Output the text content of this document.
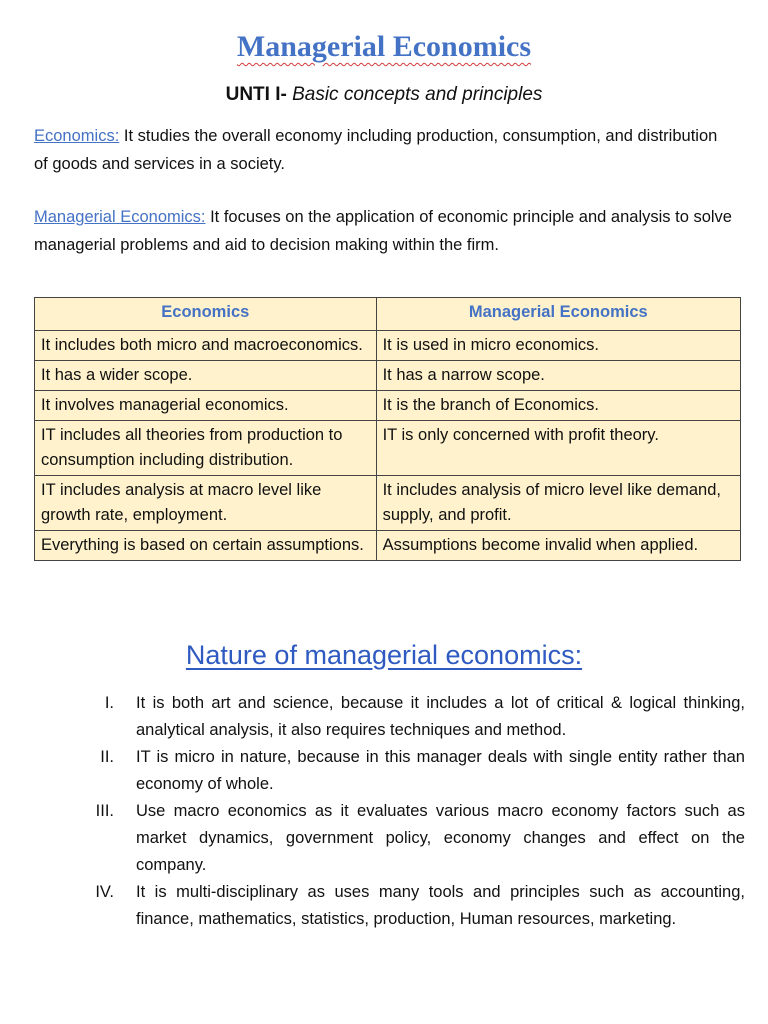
Managerial Economics

UNTI I- Basic concepts and principles

Economics: It studies the overall economy including production, consumption, and distribution of goods and services in a society.

Managerial Economics: It focuses on the application of economic principle and analysis to solve managerial problems and aid to decision making within the firm.

Economics	Managerial Economics
It includes both micro and macroeconomics.	It is used in micro economics.
It has a wider scope.	It has a narrow scope.
It involves managerial economics.	It is the branch of Economics.
IT includes all theories from production to consumption including distribution.	IT is only concerned with profit theory.
IT includes analysis at macro level like growth rate, employment.	It includes analysis of micro level like demand, supply, and profit.
Everything is based on certain assumptions.	Assumptions become invalid when applied.
Nature of managerial economics:
I. It is both art and science, because it includes a lot of critical & logical thinking, analytical analysis, it also requires techniques and method.
II. IT is micro in nature, because in this manager deals with single entity rather than economy of whole.
III. Use macro economics as it evaluates various macro economy factors such as market dynamics, government policy, economy changes and effect on the company.
IV. It is multi-disciplinary as uses many tools and principles such as accounting, finance, mathematics, statistics, production, Human resources, marketing.
